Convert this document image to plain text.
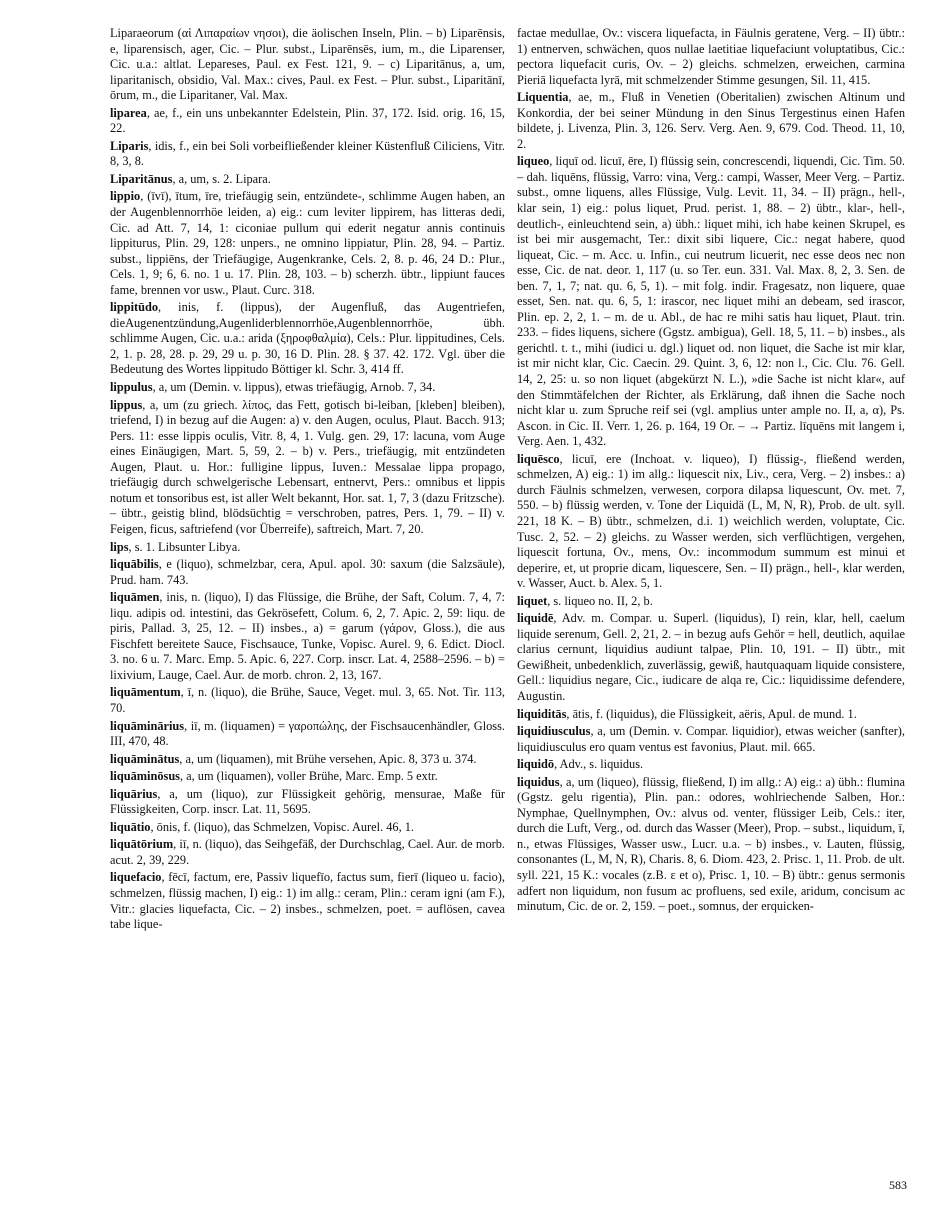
Liparaeorum (αἱ Λιπαραίων νησοι), die äolischen Inseln, Plin. – b) Liparēnsis, e, liparensisch, ager, Cic. – Plur. subst., Liparēnsēs, ium, m., die Liparenser, Cic. u.a.: altlat. Lepareses, Paul. ex Fest. 121, 9. – c) Liparitānus, a, um, liparitanisch, obsidio, Val. Max.: cives, Paul. ex Fest. – Plur. subst., Liparitānī, ōrum, m., die Liparitaner, Val. Max.

liparea, ae, f., ein uns unbekannter Edelstein, Plin. 37, 172. Isid. orig. 16, 15, 22.

Liparis, idis, f., ein bei Soli vorbeifließender kleiner Küstenfluß Ciliciens, Vitr. 8, 3, 8.

Liparitānus, a, um, s. 2. Lipara.

lippio, (īvī), ītum, īre, triefäugig sein, entzündete-, schlimme Augen haben, an der Augenblennorrhöe leiden, a) eig.: cum leviter lippirem, has litteras dedi, Cic. ad Att. 7, 14, 1: ciconiae pullum qui ederit negatur annis continuis lippiturus, Plin. 29, 128: unpers., ne omnino lippiatur, Plin. 28, 94. – Partiz. subst., lippiēns, der Triefäugige, Augenkranke, Cels. 2, 8. p. 46, 24 D.: Plur., Cels. 1, 9; 6, 6. no. 1 u. 17. Plin. 28, 103. – b) scherzh. übtr., lippiunt fauces fame, brennen vor usw., Plaut. Curc. 318.

lippitūdo, inis, f. (lippus), der Augenfluß, das Augentriefen, dieAugenentzündung,Augenliderblennorrhöe,Augenblennorrhöe, übh. schlimme Augen, Cic. u.a.: arida (ξηροφθαλμία), Cels.: Plur. lippitudines, Cels. 2, 1. p. 28, 28. p. 29, 29 u. p. 30, 16 D. Plin. 28. § 37. 42. 172. Vgl. über die Bedeutung des Wortes lippitudo Böttiger kl. Schr. 3, 414 ff.

lippulus, a, um (Demin. v. lippus), etwas triefäugig, Arnob. 7, 34.

lippus, a, um (zu griech. λίπος, das Fett, gotisch bi-leiban, [kleben] bleiben), triefend, I) in bezug auf die Augen: a) v. den Augen, oculus, Plaut. Bacch. 913; Pers. 11: esse lippis oculis, Vitr. 8, 4, 1. Vulg. gen. 29, 17: lacuna, vom Auge eines Einäugigen, Mart. 5, 59, 2. – b) v. Pers., triefäugig, mit entzündeten Augen, Plaut. u. Hor.: fulligine lippus, Iuven.: Messalae lippa propago, triefäugig durch schwelgerische Lebensart, entnervt, Pers.: omnibus et lippis notum et tonsoribus est, ist aller Welt bekannt, Hor. sat. 1, 7, 3 (dazu Fritzsche). – übtr., geistig blind, blödsüchtig = verschroben, patres, Pers. 1, 79. – II) v. Feigen, ficus, saftriefend (vor Überreife), saftreich, Mart. 7, 20.

lips, s. 1. Libsunter Libya.

liquābilis, e (liquo), schmelzbar, cera, Apul. apol. 30: saxum (die Salzsäule), Prud. ham. 743.

liquāmen, inis, n. (liquo), I) das Flüssige, die Brühe, der Saft, Colum. 7, 4, 7: liqu. adipis od. intestini, das Gekrösefett, Colum. 6, 2, 7. Apic. 2, 59: liqu. de piris, Pallad. 3, 25, 12. – II) insbes., a) = garum (γάρον, Gloss.), die aus Fischfett bereitete Sauce, Fischsauce, Tunke, Vopisc. Aurel. 9, 6. Edict. Diocl. 3. no. 6 u. 7. Marc. Emp. 5. Apic. 6, 227. Corp. inscr. Lat. 4, 2588–2596. – b) = lixivium, Lauge, Cael. Aur. de morb. chron. 2, 13, 167.

liquāmentum, ī, n. (liquo), die Brühe, Sauce, Veget. mul. 3, 65. Not. Tir. 113, 70.

liquāminārius, iī, m. (liquamen) = γαροπώλης, der Fischsaucenhändler, Gloss. III, 470, 48.

liquāminātus, a, um (liquamen), mit Brühe versehen, Apic. 8, 373 u. 374.

liquāminōsus, a, um (liquamen), voller Brühe, Marc. Emp. 5 extr.

liquārius, a, um (liquo), zur Flüssigkeit gehörig, mensurae, Maße für Flüssigkeiten, Corp. inscr. Lat. 11, 5695.

liquātio, ōnis, f. (liquo), das Schmelzen, Vopisc. Aurel. 46, 1.

liquātōrium, iī, n. (liquo), das Seihgefäß, der Durchschlag, Cael. Aur. de morb. acut. 2, 39, 229.

liquefacio, fēcī, factum, ere, Passiv liquefīo, factus sum, fierī (liqueo u. facio), schmelzen, flüssig machen, I) eig.: 1) im allg.: ceram, Plin.: ceram igni (am F.), Vitr.: glacies liquefacta, Cic. – 2) insbes., schmelzen, poet. = auflösen, cavea tabe lique-

factae medullae, Ov.: viscera liquefacta, in Fäulnis geratene, Verg. – II) übtr.: 1) entnerven, schwächen, quos nullae laetitiae liquefaciunt voluptatibus, Cic.: pectora liquefacit curis, Ov. – 2) gleichs. schmelzen, erweichen, carmina Pieriā liquefacta lyrā, mit schmelzender Stimme gesungen, Sil. 11, 415.

Liquentia, ae, m., Fluß in Venetien (Oberitalien) zwischen Altinum und Konkordia, der bei seiner Mündung in den Sinus Tergestinus einen Hafen bildete, j. Livenza, Plin. 3, 126. Serv. Verg. Aen. 9, 679. Cod. Theod. 11, 10, 2.

liqueo, liquī od. licuī, ēre, I) flüssig sein, concrescendi, liquendi, Cic. Tim. 50. – dah. liquēns, flüssig, Varro: vina, Verg.: campi, Wasser, Meer Verg. – Partiz. subst., omne liquens, alles Flüssige, Vulg. Levit. 11, 34. – II) prägn., hell-, klar sein, 1) eig.: polus liquet, Prud. perist. 1, 88. – 2) übtr., klar-, hell-, deutlich-, einleuchtend sein, a) übh.: liquet mihi, ich habe keinen Skrupel, es ist bei mir ausgemacht, Ter.: dixit sibi liquere, Cic.: negat habere, quod liqueat, Cic. – m. Acc. u. Infin., cui neutrum licuerit, nec esse deos nec non esse, Cic. de nat. deor. 1, 117 (u. so Ter. eun. 331. Val. Max. 8, 2, 3. Sen. de ben. 7, 1, 7; nat. qu. 6, 5, 1). – mit folg. indir. Fragesatz, non liquere, quae esset, Sen. nat. qu. 6, 5, 1: irascor, nec liquet mihi an debeam, sed irascor, Plin. ep. 2, 2, 1. – m. de u. Abl., de hac re mihi satis hau liquet, Plaut. trin. 233. – fides liquens, sichere (Ggstz. ambigua), Gell. 18, 5, 11. – b) insbes., als gerichtl. t. t., mihi (iudici u. dgl.) liquet od. non liquet, die Sache ist mir klar, ist mir nicht klar, Cic. Caecin. 29. Quint. 3, 6, 12: non l., Cic. Clu. 76. Gell. 14, 2, 25: u. so non liquet (abgekürzt N. L.), »die Sache ist nicht klar«, auf den Stimmtäfelchen der Richter, als Erklärung, daß ihnen die Sache noch nicht klar u. zum Spruche reif sei (vgl. amplius unter ample no. II, a, α), Ps. Ascon. in Cic. II. Verr. 1, 26. p. 164, 19 Or. – → Partiz. līquēns mit langem i, Verg. Aen. 1, 432.

liquēsco, licuī, ere (Inchoat. v. liqueo), I) flüssig-, fließend werden, schmelzen, A) eig.: 1) im allg.: liquescit nix, Liv., cera, Verg. – 2) insbes.: a) durch Fäulnis schmelzen, verwesen, corpora dilapsa liquescunt, Ov. met. 7, 550. – b) flüssig werden, v. Tone der Liquidä (L, M, N, R), Prob. de ult. syll. 221, 18 K. – B) übtr., schmelzen, d.i. 1) weichlich werden, voluptate, Cic. Tusc. 2, 52. – 2) gleichs. zu Wasser werden, sich verflüchtigen, vergehen, liquescit fortuna, Ov., mens, Ov.: incommodum summum est minui et deperire, et, ut proprie dicam, liquescere, Sen. – II) prägn., hell-, klar werden, v. Wasser, Auct. b. Alex. 5, 1.

liquet, s. liqueo no. II, 2, b.

liquidē, Adv. m. Compar. u. Superl. (liquidus), I) rein, klar, hell, caelum liquide serenum, Gell. 2, 21, 2. – in bezug aufs Gehör = hell, deutlich, aquilae clarius cernunt, liquidius audiunt talpae, Plin. 10, 191. – II) übtr., mit Gewißheit, unbedenklich, zuverlässig, gewiß, hautquaquam liquide consistere, Gell.: liquidius negare, Cic., iudicare de alqa re, Cic.: liquidissime defendere, Augustin.

liquiditās, ātis, f. (liquidus), die Flüssigkeit, aëris, Apul. de mund. 1.

liquidiusculus, a, um (Demin. v. Compar. liquidior), etwas weicher (sanfter), liquidiusculus ero quam ventus est favonius, Plaut. mil. 665.

liquidō, Adv., s. liquidus.

liquidus, a, um (liqueo), flüssig, fließend, I) im allg.: A) eig.: a) übh.: flumina (Ggstz. gelu rigentia), Plin. pan.: odores, wohlriechende Salben, Hor.: Nymphae, Quellnymphen, Ov.: alvus od. venter, flüssiger Leib, Cels.: iter, durch die Luft, Verg., od. durch das Wasser (Meer), Prop. – subst., liquidum, ī, n., etwas Flüssiges, Wasser usw., Lucr. u.a. – b) insbes., v. Lauten, flüssig, consonantes (L, M, N, R), Charis. 8, 6. Diom. 423, 2. Prisc. 1, 11. Prob. de ult. syll. 221, 15 K.: vocales (z.B. ε et o), Prisc. 1, 10. – B) übtr.: genus sermonis adfert non liquidum, non fusum ac profluens, sed exile, aridum, concisum ac minutum, Cic. de or. 2, 159. – poet., somnus, der erquicken-

583
